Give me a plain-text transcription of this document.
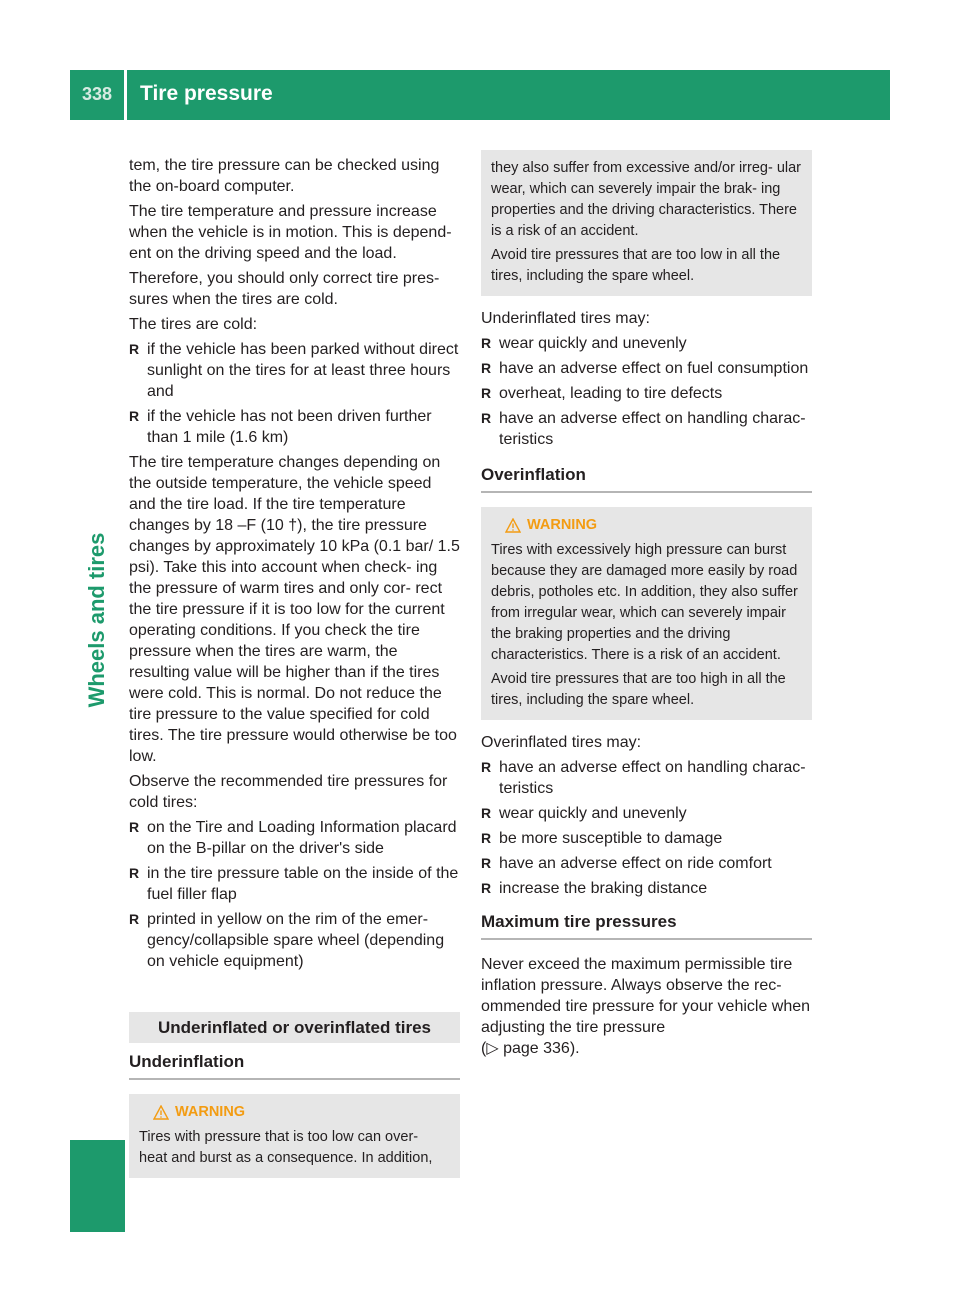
338	Tire pressure
Wheels and tires

tem, the tire pressure can be checked using the on-board computer.

The tire temperature and pressure increase when the vehicle is in motion. This is depend- ent on the driving speed and the load.

Therefore, you should only correct tire pres- sures when the tires are cold.

The tires are cold:

R if the vehicle has been parked without direct sunlight on the tires for at least three hours and
R if the vehicle has not been driven further than 1 mile (1.6 km)

The tire temperature changes depending on the outside temperature, the vehicle speed and the tire load. If the tire temperature changes by 18 ‒F (10 †), the tire pressure changes by approximately 10 kPa (0.1 bar/ 1.5 psi). Take this into account when check- ing the pressure of warm tires and only cor- rect the tire pressure if it is too low for the current operating conditions. If you check the tire pressure when the tires are warm, the resulting value will be higher than if the tires were cold. This is normal. Do not reduce the tire pressure to the value specified for cold tires. The tire pressure would otherwise be too low.

Observe the recommended tire pressures for cold tires:

R on the Tire and Loading Information placard on the B-pillar on the driver's side
R in the tire pressure table on the inside of the fuel filler flap
R printed in yellow on the rim of the emer- gency/collapsible spare wheel (depending on vehicle equipment)
Underinflated or overinflated tires
Underinflation
WARNING

Tires with pressure that is too low can over- heat and burst as a consequence. In addition,

they also suffer from excessive and/or irreg- ular wear, which can severely impair the brak- ing properties and the driving characteristics. There is a risk of an accident.

Avoid tire pressures that are too low in all the tires, including the spare wheel.

Underinflated tires may:

R wear quickly and unevenly
R have an adverse effect on fuel consumption
R overheat, leading to tire defects
R have an adverse effect on handling charac- teristics
Overinflation
WARNING

Tires with excessively high pressure can burst because they are damaged more easily by road debris, potholes etc. In addition, they also suffer from irregular wear, which can severely impair the braking properties and the driving characteristics. There is a risk of an accident.

Avoid tire pressures that are too high in all the tires, including the spare wheel.

Overinflated tires may:

R have an adverse effect on handling charac- teristics
R wear quickly and unevenly
R be more susceptible to damage
R have an adverse effect on ride comfort
R increase the braking distance
Maximum tire pressures

Never exceed the maximum permissible tire inflation pressure. Always observe the rec- ommended tire pressure for your vehicle when adjusting the tire pressure
(▷ page 336).
